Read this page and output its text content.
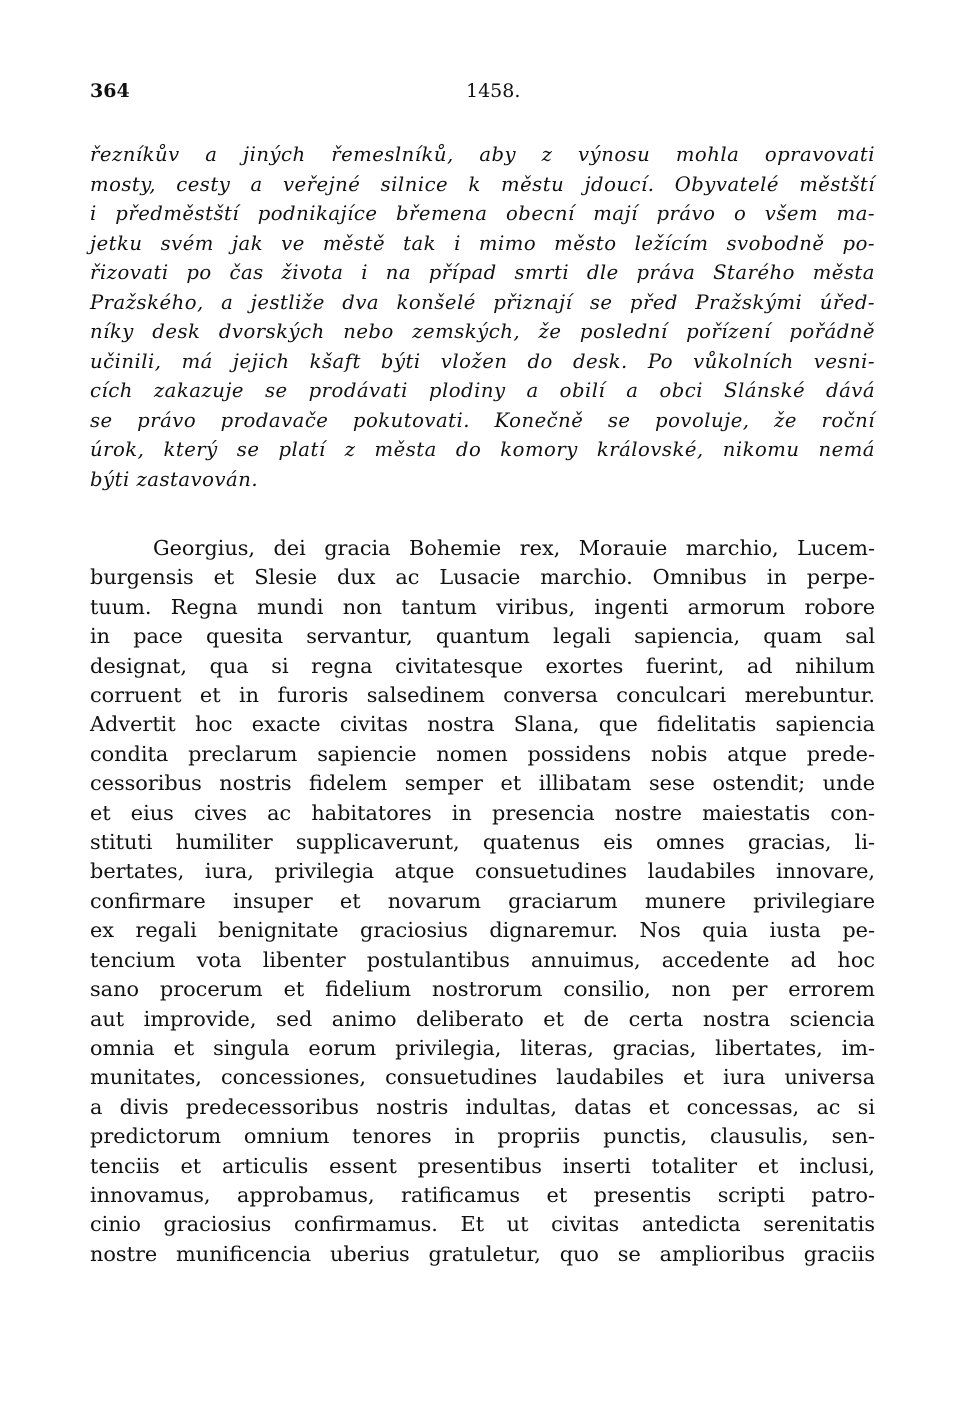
364	1458.
řezníkův a jiných řemeslníků, aby z výnosu mohla opravovati
mosty, cesty a veřejné silnice k městu jdoucí. Obyvatelé městští
i předměstští podnikajíce břemena obecní mají právo o všem ma-
jetku svém jak ve městě tak i mimo město ležícím svobodně po-
řizovati po čas života i na případ smrti dle práva Starého města
Pražského, a jestliže dva konšelé přiznají se před Pražskými úřed-
níky desk dvorských nebo zemských, že poslední pořízení pořádně
učinili, má jejich kšaft býti vložen do desk. Po vůkolních vesni-
cích zakazuje se prodávati plodiny a obilí a obci Slánské dává
se právo prodavače pokutovati. Konečně se povoluje, že roční
úrok, který se platí z města do komory královské, nikomu nemá
býti zastavován.
Georgius, dei gracia Bohemie rex, Morauie marchio, Lucem-
burgensis et Slesie dux ac Lusacie marchio. Omnibus in perpe-
tuum. Regna mundi non tantum viribus, ingenti armorum robore
in pace quesita servantur, quantum legali sapiencia, quam sal
designat, qua si regna civitatesque exortes fuerint, ad nihilum
corruent et in furoris salsedinem conversa conculcari merebuntur.
Advertit hoc exacte civitas nostra Slana, que fidelitatis sapiencia
condita preclarum sapiencie nomen possidens nobis atque prede-
cessoribus nostris fidelem semper et illibatam sese ostendit; unde
et eius cives ac habitatores in presencia nostre maiestatis con-
stituti humiliter supplicaverunt, quatenus eis omnes gracias, li-
bertates, iura, privilegia atque consuetudines laudabiles innovare,
confirmare insuper et novarum graciarum munere privilegiare
ex regali benignitate graciosius dignaremur. Nos quia iusta pe-
tencium vota libenter postulantibus annuimus, accedente ad hoc
sano procerum et fidelium nostrorum consilio, non per errorem
aut improvide, sed animo deliberato et de certa nostra sciencia
omnia et singula eorum privilegia, literas, gracias, libertates, im-
munitates, concessiones, consuetudines laudabiles et iura universa
a divis predecessoribus nostris indultas, datas et concessas, ac si
predictorum omnium tenores in propriis punctis, clausulis, sen-
tenciis et articulis essent presentibus inserti totaliter et inclusi,
innovamus, approbamus, ratificamus et presentis scripti patro-
cinio graciosius confirmamus. Et ut civitas antedicta serenitatis
nostre munificencia uberius gratuletur, quo se amplioribus graciis
